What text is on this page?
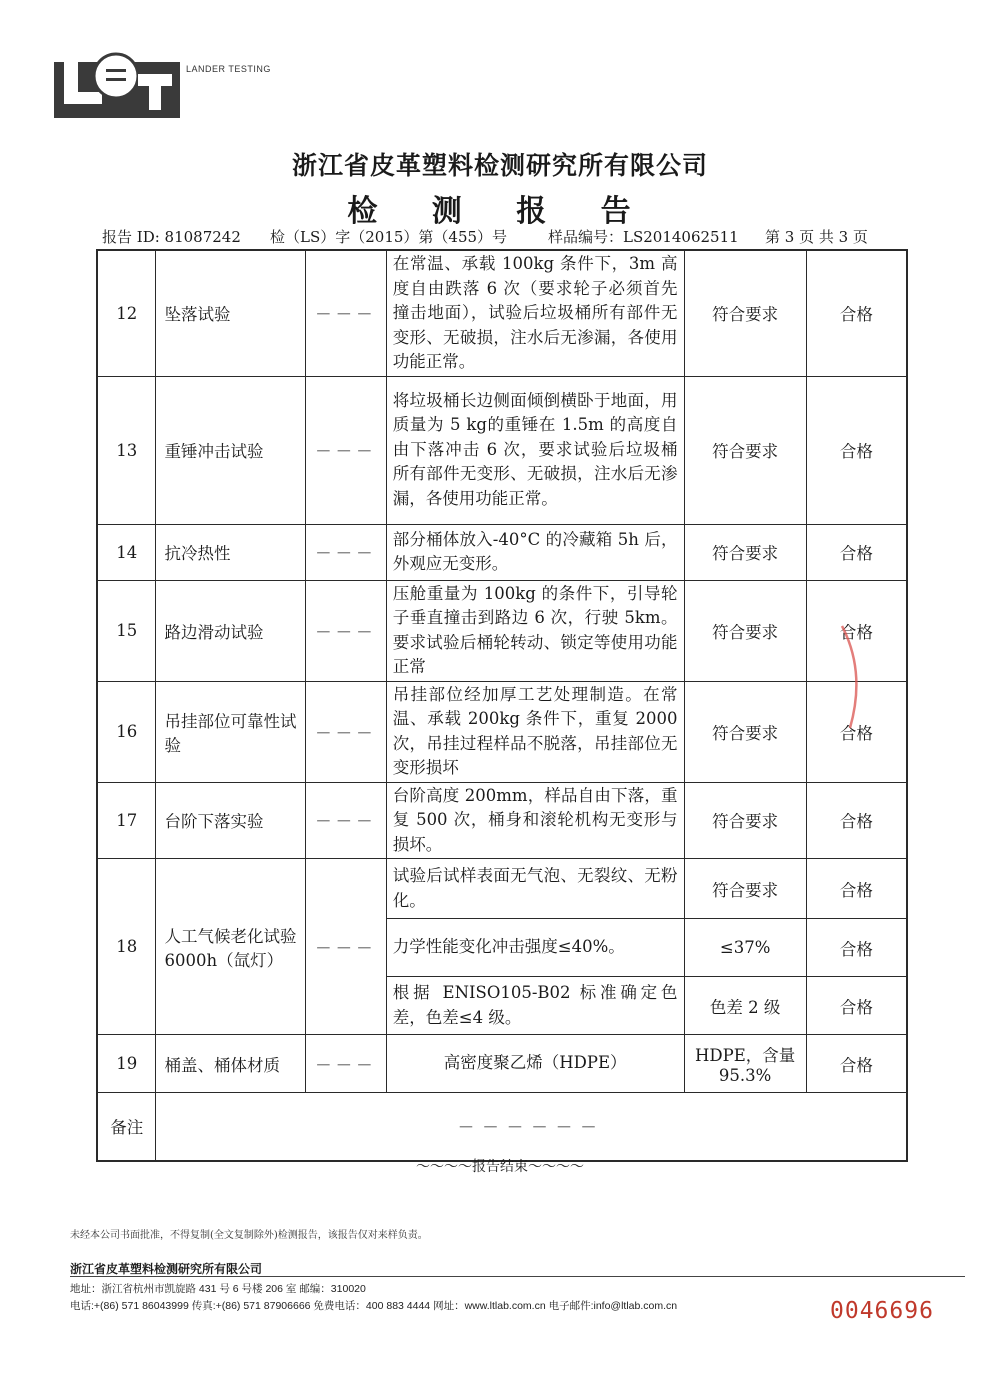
LANDER TESTING
浙江省皮革塑料检测研究所有限公司
检 测 报 告
报告 ID: 81087242 检（LS）字（2015）第（455）号	样品编号：LS2014062511 第 3 页 共 3 页
12	坠落试验	－－－	在常温、承载 100kg 条件下，3m 高度自由跌落 6 次（要求轮子必须首先撞击地面），试验后垃圾桶所有部件无变形、无破损，注水后无渗漏，各使用功能正常。	符合要求	合格
13	重锤冲击试验	－－－	将垃圾桶长边侧面倾倒横卧于地面，用质量为 5 kg的重锤在 1.5m 的高度自由下落冲击 6 次，要求试验后垃圾桶所有部件无变形、无破损，注水后无渗漏，各使用功能正常。	符合要求	合格
14	抗冷热性	－－－	部分桶体放入-40°C 的冷藏箱 5h 后，外观应无变形。	符合要求	合格
15	路边滑动试验	－－－	压舱重量为 100kg 的条件下，引导轮子垂直撞击到路边 6 次，行驶 5km。要求试验后桶轮转动、锁定等使用功能正常	符合要求	合格
16	吊挂部位可靠性试验	－－－	吊挂部位经加厚工艺处理制造。在常温、承载 200kg 条件下，重复 2000 次，吊挂过程样品不脱落，吊挂部位无变形损坏	符合要求	合格
17	台阶下落实验	－－－	台阶高度 200mm，样品自由下落，重复 500 次，桶身和滚轮机构无变形与损坏。	符合要求	合格
18	人工气候老化试验 6000h（氙灯）	－－－	试验后试样表面无气泡、无裂纹、无粉化。	符合要求	合格
			力学性能变化冲击强度≤40%。	≤37%	合格
			根据 ENISO105-B02 标准确定色差，色差≤4 级。	色差 2 级	合格
19	桶盖、桶体材质	－－－	高密度聚乙烯（HDPE）	HDPE，含量 95.3%	合格
备注	－－－－－－				
～～～～报告结束～～～～
未经本公司书面批准，不得复制(全文复制除外)检测报告，该报告仅对来样负责。
浙江省皮革塑料检测研究所有限公司
地址：浙江省杭州市凯旋路 431 号 6 号楼 206 室 邮编：310020
电话:+(86) 571 86043999 传真:+(86) 571 87906666 免费电话：400 883 4444 网址：www.ltlab.com.cn 电子邮件:info@ltlab.com.cn	0046696
